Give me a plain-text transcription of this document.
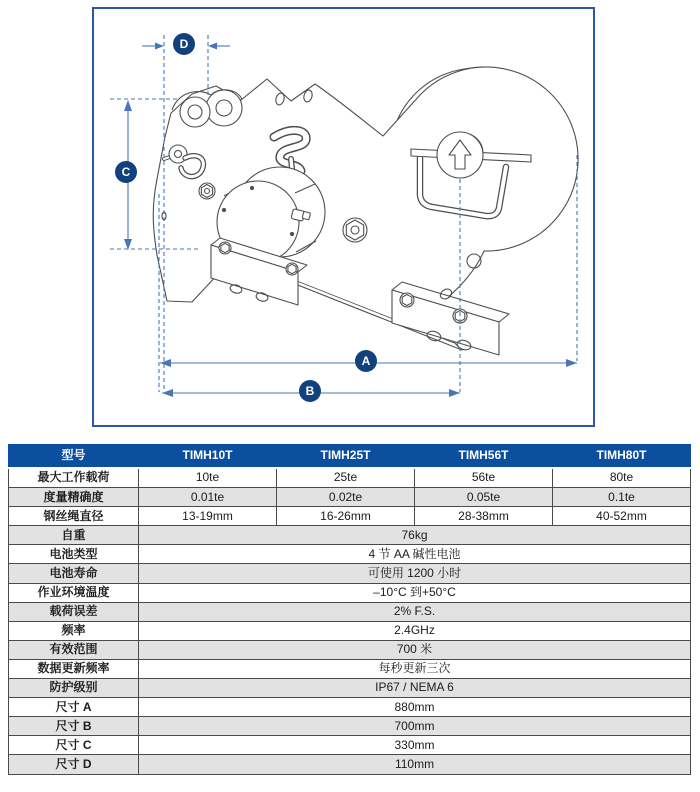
D
C
A
B
型号	TIMH10T	TIMH25T	TIMH56T	TIMH80T
最大工作载荷	10te	25te	56te	80te
度量精确度	0.01te	0.02te	0.05te	0.1te
钢丝绳直径	13-19mm	16-26mm	28-38mm	40-52mm
自重	76kg			
电池类型	4 节 AA 碱性电池			
电池寿命	可使用 1200 小时			
作业环境温度	–10°C 到+50°C			
载荷误差	2% F.S.			
频率	2.4GHz			
有效范围	700 米			
数据更新频率	每秒更新三次			
防护级别	IP67 / NEMA 6			
尺寸 A	880mm			
尺寸 B	700mm			
尺寸 C	330mm			
尺寸 D	110mm			
